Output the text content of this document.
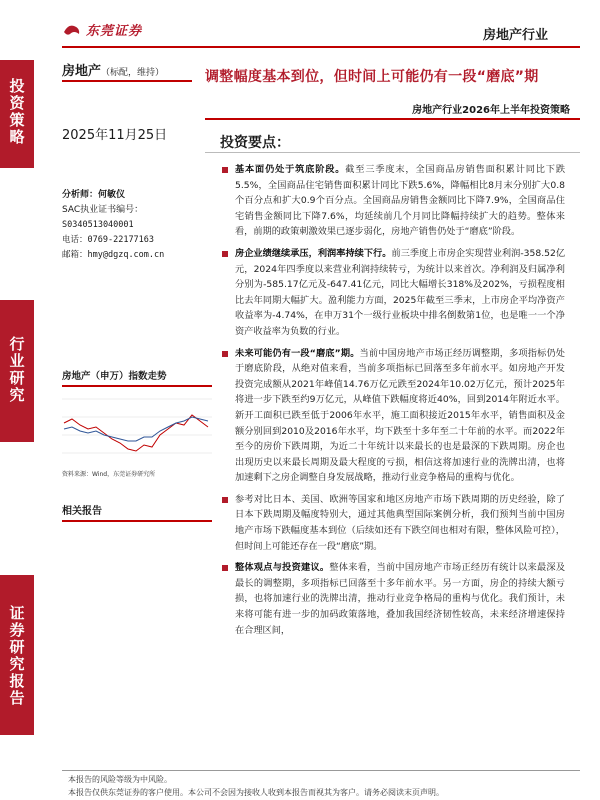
东莞证券	房地产行业
投资策略
行业研究
证券研究报告
房地产（标配，维持）	调整幅度基本到位，但时间上可能仍有一段“磨底”期
房地产行业2026年上半年投资策略
2025年11月25日
分析师：何敏仪
SAC执业证书编号：
S0340513040001
电话：0769-22177163
邮箱：hmy@dgzq.com.cn
房地产（申万）指数走势
资料来源：Wind，东莞证券研究所
相关报告
投资要点：
基本面仍处于筑底阶段。截至三季度末，全国商品房销售面积累计同比下跌5.5%，全国商品住宅销售面积累计同比下跌5.6%，降幅相比8月末分别扩大0.8个百分点和扩大0.9个百分点。全国商品房销售金额同比下降7.9%，全国商品住宅销售金额同比下降7.6%，均延续前几个月同比降幅持续扩大的趋势。整体来看，前期的政策刺激效果已逐步弱化，房地产销售仍处于“磨底”阶段。
房企业绩继续承压，利润率持续下行。前三季度上市房企实现营业利润-358.52亿元，2024年四季度以来营业利润持续转亏，为统计以来首次。净利润及归属净利分别为-585.17亿元及-647.41亿元，同比大幅增长318%及202%，亏损程度相比去年同期大幅扩大。盈利能力方面，2025年截至三季末，上市房企平均净资产收益率为-4.74%，在申万31个一级行业板块中排名倒数第1位，也是唯一一个净资产收益率为负数的行业。
未来可能仍有一段“磨底”期。当前中国房地产市场正经历调整期，多项指标仍处于磨底阶段，从绝对值来看，当前多项指标已回落至多年前水平。如房地产开发投资完成额从2021年峰值14.76万亿元跌至2024年10.02万亿元，预计2025年将进一步下跌至约9万亿元，从峰值下跌幅度将近40%，回到2014年附近水平。新开工面积已跌至低于2006年水平，施工面积接近2015年水平，销售面积及金额分别回到2010及2016年水平，均下跌至十多年至二十年前的水平。而2022年至今的房价下跌周期，为近二十年统计以来最长的也是最深的下跌周期。房企也出现历史以来最长周期及最大程度的亏损，相信这将加速行业的洗牌出清，也将加速剩下之房企调整自身发展战略，推动行业竞争格局的重构与优化。
参考对比日本、美国、欧洲等国家和地区房地产市场下跌周期的历史经验，除了日本下跌周期及幅度特别大，通过其他典型国际案例分析，我们预判当前中国房地产市场下跌幅度基本到位（后续如还有下跌空间也相对有限，整体风险可控），但时间上可能还存在一段“磨底”期。
整体观点与投资建议。整体来看，当前中国房地产市场正经历有统计以来最深及最长的调整期，多项指标已回落至十多年前水平。另一方面，房企的持续大额亏损，也将加速行业的洗牌出清，推动行业竞争格局的重构与优化。我们预计，未来将可能有进一步的加码政策落地，叠加我国经济韧性较高，未来经济增速保持在合理区间，
本报告的风险等级为中风险。
本报告仅供东莞证券的客户使用。本公司不会因为接收人收到本报告而视其为客户。请务必阅读末页声明。
